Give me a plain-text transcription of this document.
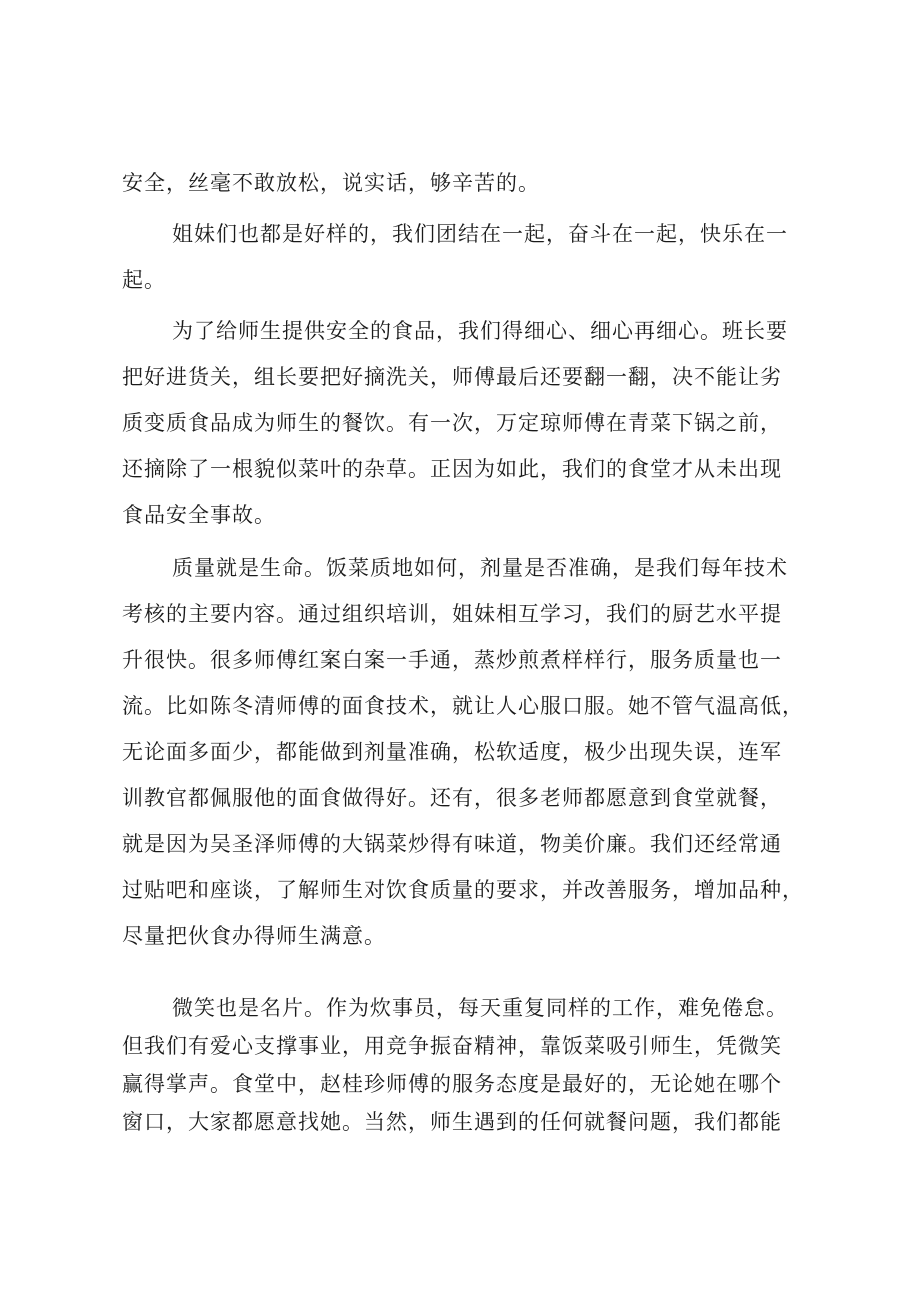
安全，丝毫不敢放松，说实话，够辛苦的。
姐妹们也都是好样的，我们团结在一起，奋斗在一起，快乐在一
起。
为了给师生提供安全的食品，我们得细心、细心再细心。班长要
把好进货关，组长要把好摘洗关，师傅最后还要翻一翻，决不能让劣
质变质食品成为师生的餐饮。有一次，万定琼师傅在青菜下锅之前，
还摘除了一根貌似菜叶的杂草。正因为如此，我们的食堂才从未出现
食品安全事故。
质量就是生命。饭菜质地如何，剂量是否准确，是我们每年技术
考核的主要内容。通过组织培训，姐妹相互学习，我们的厨艺水平提
升很快。很多师傅红案白案一手通，蒸炒煎煮样样行，服务质量也一
流。比如陈冬清师傅的面食技术，就让人心服口服。她不管气温高低，
无论面多面少，都能做到剂量准确，松软适度，极少出现失误，连军
训教官都佩服他的面食做得好。还有，很多老师都愿意到食堂就餐，
就是因为吴圣泽师傅的大锅菜炒得有味道，物美价廉。我们还经常通
过贴吧和座谈，了解师生对饮食质量的要求，并改善服务，增加品种，
尽量把伙食办得师生满意。
微笑也是名片。作为炊事员，每天重复同样的工作，难免倦怠。
但我们有爱心支撑事业，用竞争振奋精神，靠饭菜吸引师生，凭微笑
赢得掌声。食堂中，赵桂珍师傅的服务态度是最好的，无论她在哪个
窗口，大家都愿意找她。当然，师生遇到的任何就餐问题，我们都能
